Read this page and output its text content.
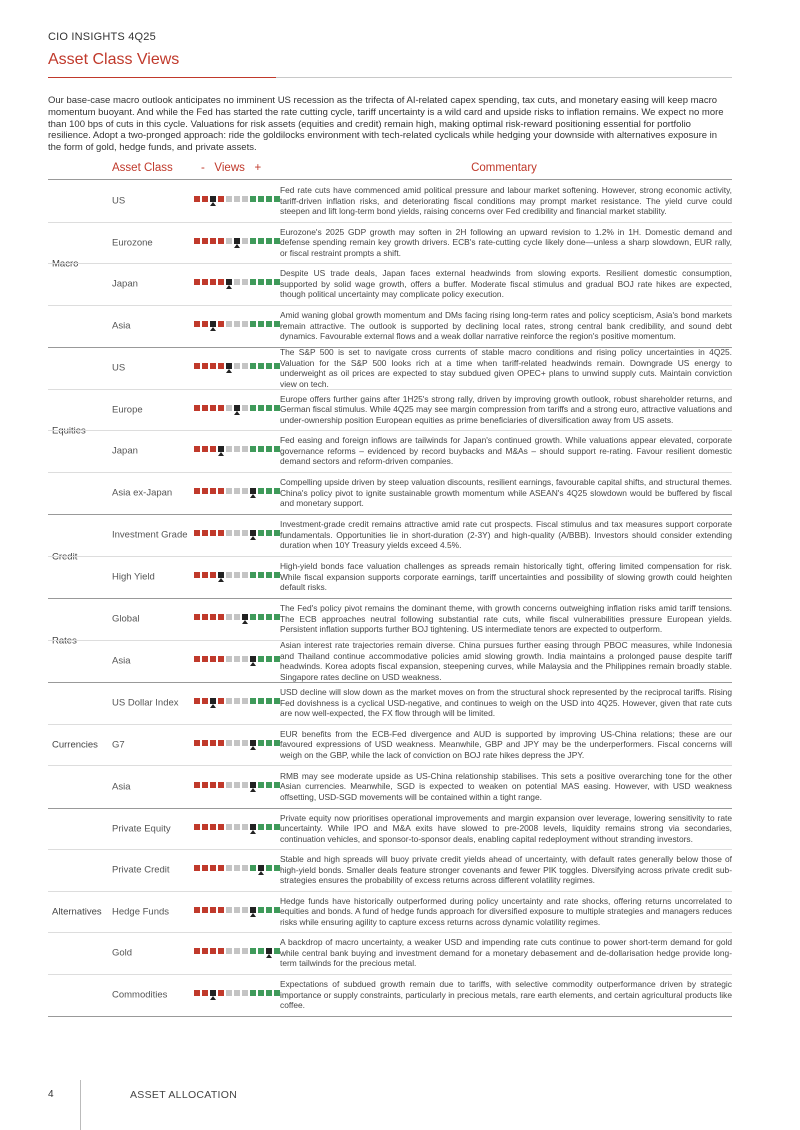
CIO INSIGHTS 4Q25
Asset Class Views

Our base-case macro outlook anticipates no imminent US recession as the trifecta of AI-related capex spending, tax cuts, and monetary easing will keep macro momentum buoyant. And while the Fed has started the rate cutting cycle, tariff uncertainty is a wild card and upside risks to inflation remains. We expect no more than 100 bps of cuts in this cycle. Valuations for risk assets (equities and credit) remain high, making optimal risk-reward positioning essential for portfolio resilience. Adopt a two-pronged approach: ride the goldilocks environment with tech-related cyclicals while hedging your downside with alternatives exposure in the form of gold, hedge funds, and private assets.

Asset Class -   Views   +	Commentary
Macro
US
Fed rate cuts have commenced amid political pressure and labour market softening. However, strong economic activity, tariff-driven inflation risks, and deteriorating fiscal conditions may prompt market resistance. The yield curve could steepen and lift long-term bond yields, raising concerns over Fed credibility and financial market stability.
Eurozone
Eurozone's 2025 GDP growth may soften in 2H following an upward revision to 1.2% in 1H. Domestic demand and defense spending remain key growth drivers. ECB's rate-cutting cycle likely done—unless a sharp slowdown, EUR rally, or fiscal restraint prompts a shift.
Japan
Despite US trade deals, Japan faces external headwinds from slowing exports. Resilient domestic consumption, supported by solid wage growth, offers a buffer. Moderate fiscal stimulus and gradual BOJ rate hikes are expected, though political uncertainty may complicate policy execution.
Asia
Amid waning global growth momentum and DMs facing rising long-term rates and policy scepticism, Asia's bond markets remain attractive. The outlook is supported by declining local rates, strong central bank credibility, and sound debt dynamics. Favourable external flows and a weak dollar narrative reinforce the region's positive momentum.
Equities
US
The S&P 500 is set to navigate cross currents of stable macro conditions and rising policy uncertainties in 4Q25. Valuation for the S&P 500 looks rich at a time when tariff-related headwinds remain. Downgrade US energy to underweight as oil prices are expected to stay subdued given OPEC+ plans to unwind supply cuts. Maintain conviction view on tech.
Europe
Europe offers further gains after 1H25's strong rally, driven by improving growth outlook, robust shareholder returns, and German fiscal stimulus. While 4Q25 may see margin compression from tariffs and a strong euro, attractive valuations and under-ownership position European equities as prime beneficiaries of diversification away from US assets.
Japan
Fed easing and foreign inflows are tailwinds for Japan's continued growth. While valuations appear elevated, corporate governance reforms – evidenced by record buybacks and M&As – should support re-rating. Favour resilient domestic demand sectors and reform-driven companies.
Asia ex-Japan
Compelling upside driven by steep valuation discounts, resilient earnings, favourable capital shifts, and structural themes. China's policy pivot to ignite sustainable growth momentum while ASEAN's 4Q25 slowdown would be buffered by fiscal and monetary support.
Credit
Investment Grade
Investment-grade credit remains attractive amid rate cut prospects. Fiscal stimulus and tax measures support corporate fundamentals. Opportunities lie in short-duration (2-3Y) and high-quality (A/BBB). Investors should consider extending duration when 10Y Treasury yields exceed 4.5%.
High Yield
High-yield bonds face valuation challenges as spreads remain historically tight, offering limited compensation for risk. While fiscal expansion supports corporate earnings, tariff uncertainties and possibility of slowing growth could heighten default risks.
Rates
Global
The Fed's policy pivot remains the dominant theme, with growth concerns outweighing inflation risks amid tariff tensions. The ECB approaches neutral following substantial rate cuts, while fiscal vulnerabilities pressure European yields. Persistent inflation supports further BOJ tightening. US intermediate tenors are expected to outperform.
Asia
Asian interest rate trajectories remain diverse. China pursues further easing through PBOC measures, while Indonesia and Thailand continue accommodative policies amid slowing growth. India maintains a prolonged pause despite tariff headwinds. Korea adopts fiscal expansion, steepening curves, while Malaysia and the Philippines remain broadly stable. Singapore rates decline on USD weakness.
Currencies
US Dollar Index
USD decline will slow down as the market moves on from the structural shock represented by the reciprocal tariffs. Rising Fed dovishness is a cyclical USD-negative, and continues to weigh on the USD into 4Q25. However, given that rate cuts are now well-expected, the FX flow through will be limited.
G7
EUR benefits from the ECB-Fed divergence and AUD is supported by improving US-China relations; these are our favoured expressions of USD weakness. Meanwhile, GBP and JPY may be the underperformers. Fiscal concerns will weigh on the GBP, while the lack of conviction on BOJ rate hikes depress the JPY.
Asia
RMB may see moderate upside as US-China relationship stabilises. This sets a positive overarching tone for the other Asian currencies. Meanwhile, SGD is expected to weaken on potential MAS easing. However, with USD weakness offsetting, USD-SGD movements will be contained within a tight range.
Alternatives
Private Equity
Private equity now prioritises operational improvements and margin expansion over leverage, lowering sensitivity to rate uncertainty. While IPO and M&A exits have slowed to pre-2008 levels, liquidity remains strong via secondaries, continuation vehicles, and sponsor-to-sponsor deals, enabling capital redeployment without stranding investors.
Private Credit
Stable and high spreads will buoy private credit yields ahead of uncertainty, with default rates generally below those of high-yield bonds. Smaller deals feature stronger covenants and fewer PIK toggles. Diversifying across private credit sub-strategies ensures the probability of excess returns across different volatility regimes.
Hedge Funds
Hedge funds have historically outperformed during policy uncertainty and rate shocks, offering returns uncorrelated to equities and bonds. A fund of hedge funds approach for diversified exposure to multiple strategies and managers reduces risks while ensuring agility to capture excess returns across dynamic volatility regimes.
Gold
A backdrop of macro uncertainty, a weaker USD and impending rate cuts continue to power short-term demand for gold while central bank buying and investment demand for a monetary debasement and de-dollarisation hedge provide long-term tailwinds for the precious metal.
Commodities
Expectations of subdued growth remain due to tariffs, with selective commodity outperformance driven by strategic importance or supply constraints, particularly in precious metals, rare earth elements, and certain agricultural products like coffee.
4	ASSET ALLOCATION
